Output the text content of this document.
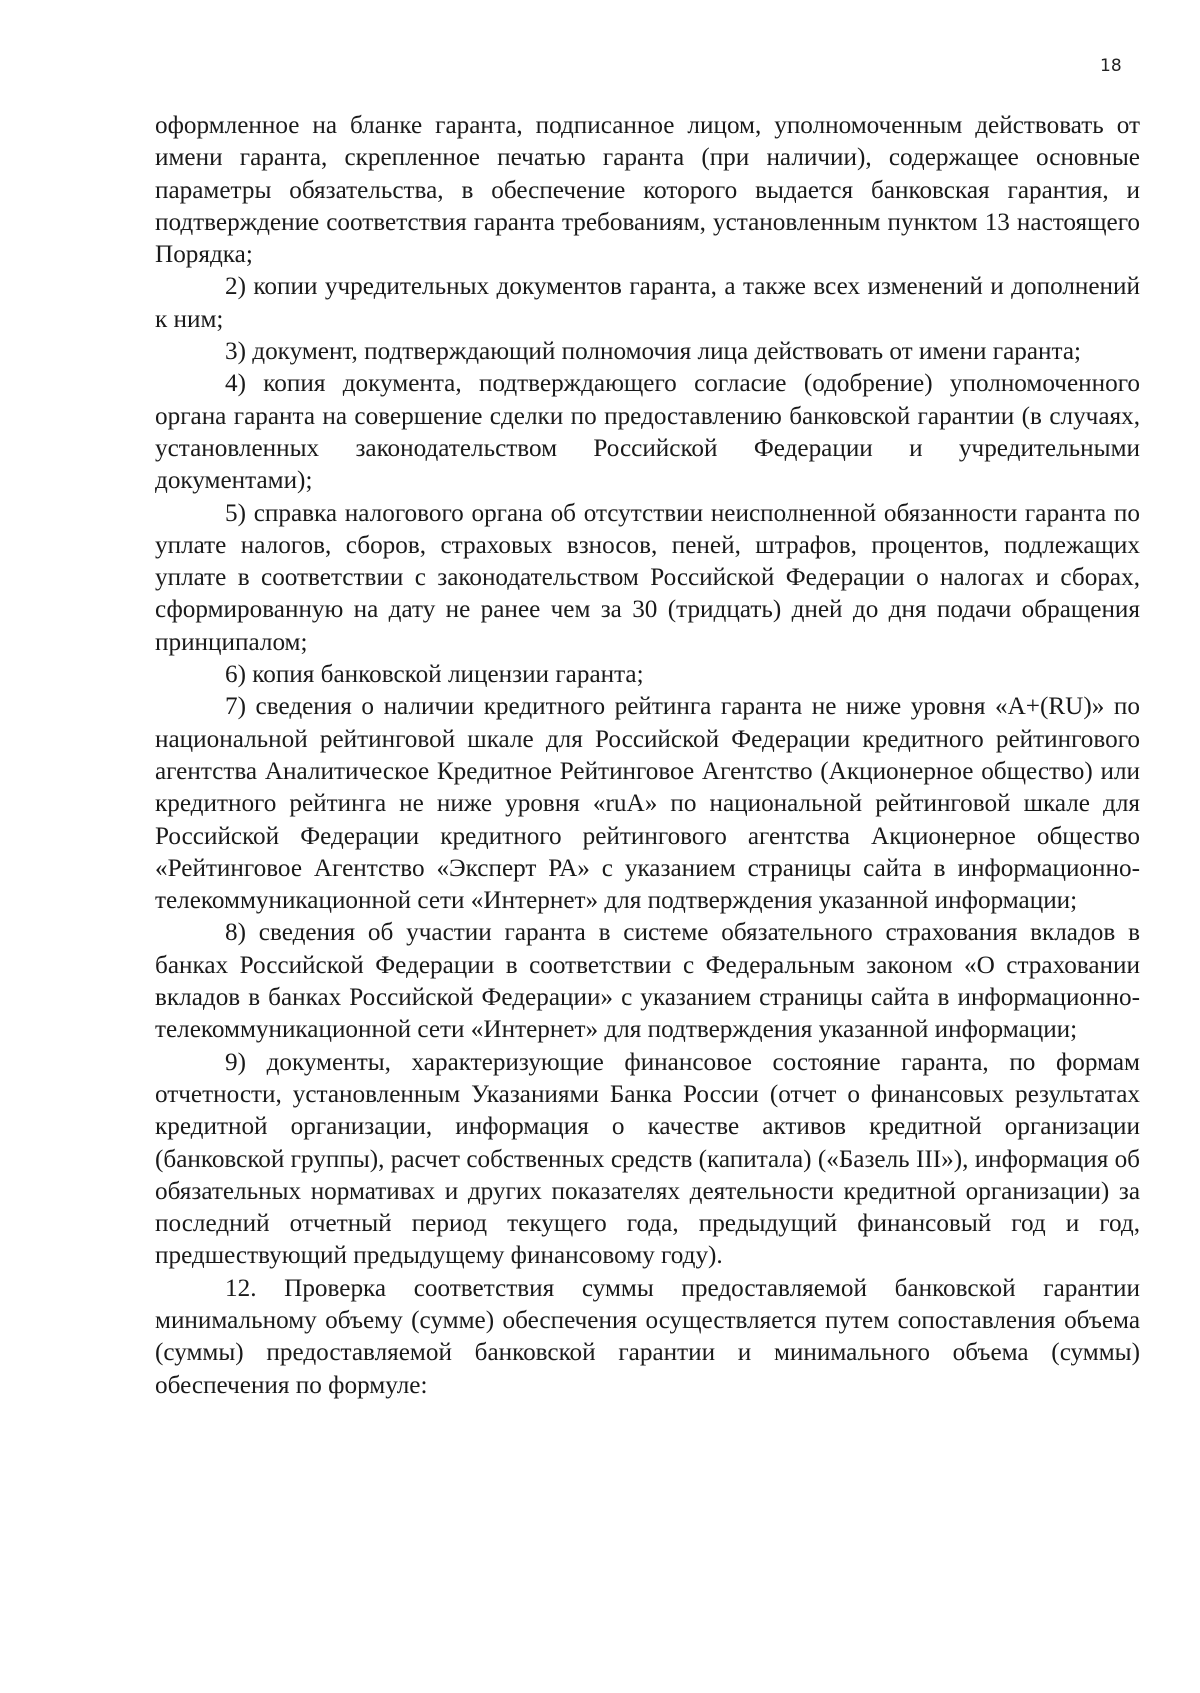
18

оформленное на бланке гаранта, подписанное лицом, уполномоченным действовать от имени гаранта, скрепленное печатью гаранта (при наличии), содержащее основные параметры обязательства, в обеспечение которого выдается банковская гарантия, и подтверждение соответствия гаранта требованиям, установленным пунктом 13 настоящего Порядка;

2) копии учредительных документов гаранта, а также всех изменений и дополнений к ним;

3) документ, подтверждающий полномочия лица действовать от имени гаранта;

4) копия документа, подтверждающего согласие (одобрение) уполномоченного органа гаранта на совершение сделки по предоставлению банковской гарантии (в случаях, установленных законодательством Российской Федерации и учредительными документами);

5) справка налогового органа об отсутствии неисполненной обязанности гаранта по уплате налогов, сборов, страховых взносов, пеней, штрафов, процентов, подлежащих уплате в соответствии с законодательством Российской Федерации о налогах и сборах, сформированную на дату не ранее чем за 30 (тридцать) дней до дня подачи обращения принципалом;

6) копия банковской лицензии гаранта;

7) сведения о наличии кредитного рейтинга гаранта не ниже уровня «А+(RU)» по национальной рейтинговой шкале для Российской Федерации кредитного рейтингового агентства Аналитическое Кредитное Рейтинговое Агентство (Акционерное общество) или кредитного рейтинга не ниже уровня «ruA» по национальной рейтинговой шкале для Российской Федерации кредитного рейтингового агентства Акционерное общество «Рейтинговое Агентство «Эксперт РА» с указанием страницы сайта в информационно-телекоммуникационной сети «Интернет» для подтверждения указанной информации;

8) сведения об участии гаранта в системе обязательного страхования вкладов в банках Российской Федерации в соответствии с Федеральным законом «О страховании вкладов в банках Российской Федерации» с указанием страницы сайта в информационно-телекоммуникационной сети «Интернет» для подтверждения указанной информации;

9) документы, характеризующие финансовое состояние гаранта, по формам отчетности, установленным Указаниями Банка России (отчет о финансовых результатах кредитной организации, информация о качестве активов кредитной организации (банковской группы), расчет собственных средств (капитала) («Базель III»), информация об обязательных нормативах и других показателях деятельности кредитной организации) за последний отчетный период текущего года, предыдущий финансовый год и год, предшествующий предыдущему финансовому году).

12. Проверка соответствия суммы предоставляемой банковской гарантии минимальному объему (сумме) обеспечения осуществляется путем сопоставления объема (суммы) предоставляемой банковской гарантии и минимального объема (суммы) обеспечения по формуле:
